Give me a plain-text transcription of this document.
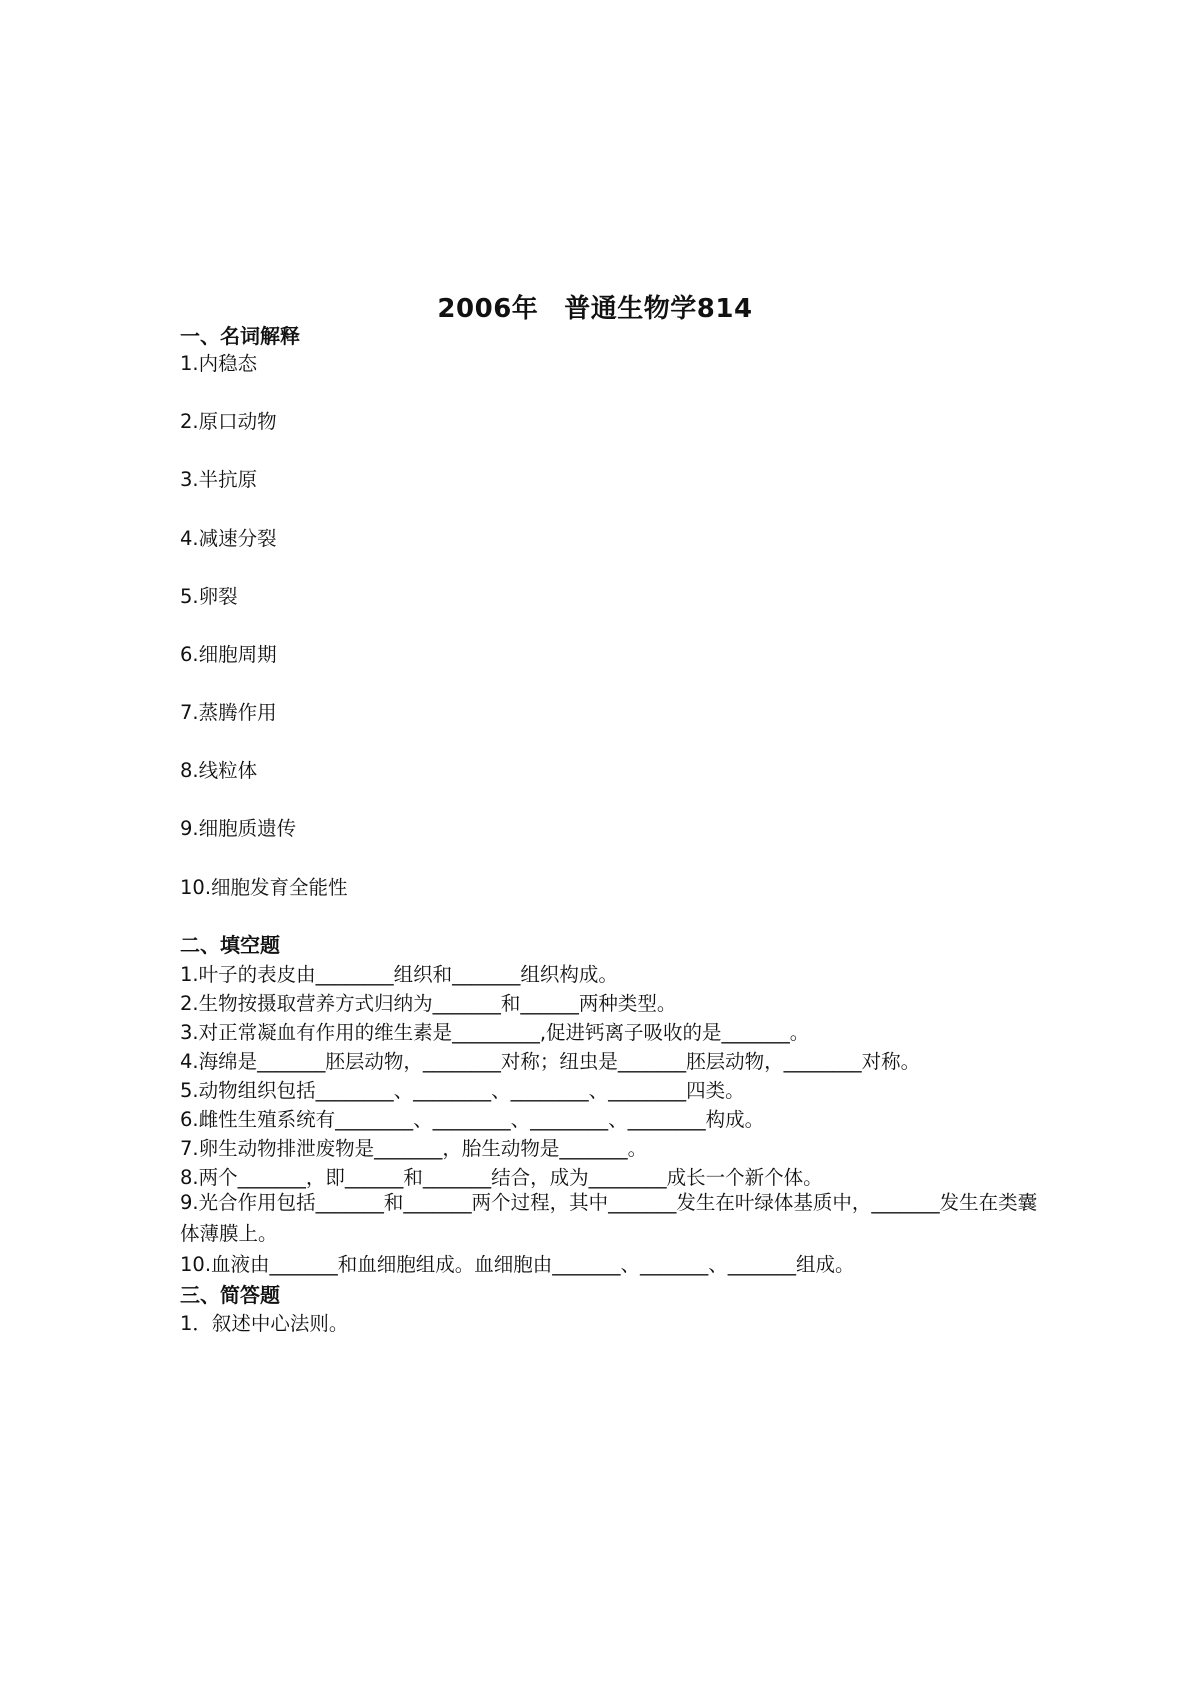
2006年 普通生物学814
一、名词解释
1.内稳态
2.原口动物
3.半抗原
4.减速分裂
5.卵裂
6.细胞周期
7.蒸腾作用
8.线粒体
9.细胞质遗传
10.细胞发育全能性
二、填空题
1.叶子的表皮由________组织和_______组织构成。
2.生物按摄取营养方式归纳为_______和______两种类型。
3.对正常凝血有作用的维生素是_________,促进钙离子吸收的是_______。
4.海绵是_______胚层动物，________对称；纽虫是_______胚层动物，________对称。
5.动物组织包括________、________、________、________四类。
6.雌性生殖系统有________、________、________、________构成。
7.卵生动物排泄废物是_______，胎生动物是_______。
8.两个_______，即______和_______结合，成为________成长一个新个体。
9.光合作用包括_______和_______两个过程，其中_______发生在叶绿体基质中，_______发生在类囊体薄膜上。
10.血液由_______和血细胞组成。血细胞由_______、_______、_______组成。
三、简答题
1．叙述中心法则。
